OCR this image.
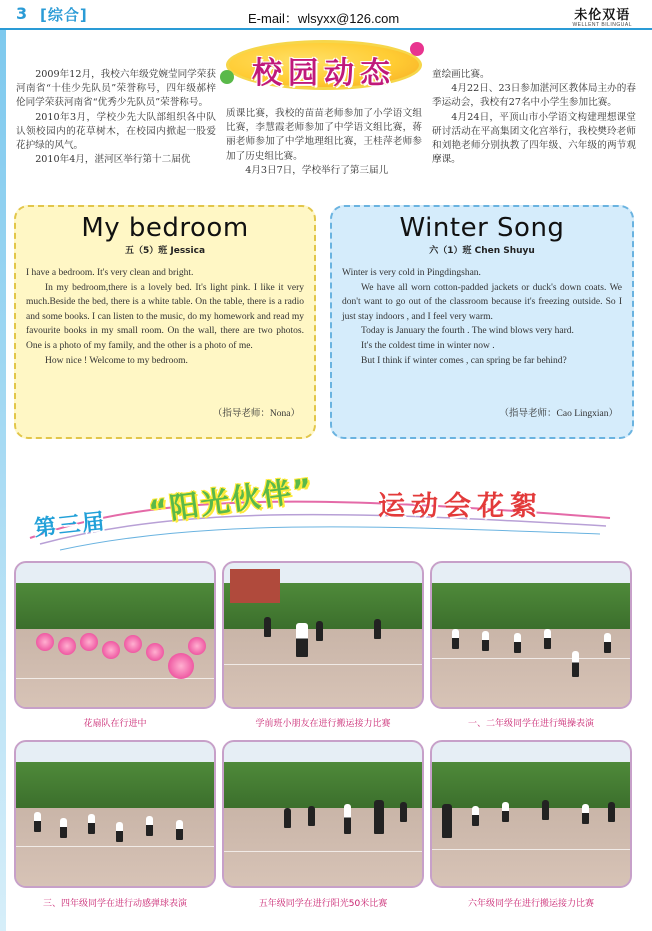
3 [综合]	E-mail：wlsyxx@126.com	未伦双语
WELLENT BILINGUAL
校园动态

2009年12月，我校六年级党婉莹同学荣获河南省“十佳少先队员”荣誉称号，四年级郝梓伦同学荣获河南省“优秀少先队员”荣誉称号。

2010年3月，学校少先大队部组织各中队认领校园内的花草树木，在校园内掀起一股爱花护绿的风气。

2010年4月，湛河区举行第十二届优

质课比赛，我校的苗苗老师参加了小学语文组比赛，李慧霞老师参加了中学语文组比赛，蒋丽老师参加了中学地理组比赛，王桂萍老师参加了历史组比赛。

4月3日7日，学校举行了第三届儿

童绘画比赛。

4月22日、23日参加湛河区教体局主办的春季运动会，我校有27名中小学生参加比赛。

4月24日，平顶山市小学语文构建理想课堂研讨活动在平高集团文化宫举行，我校樊玲老师和刘艳老师分别执教了四年级、六年级的两节观摩课。

My bedroom
五（5）班 Jessica

I have a bedroom. It's very clean and bright.

In my bedroom,there is a lovely bed. It's light pink. I like it very much.Beside the bed, there is a white table. On the table, there is a radio and some books. I can listen to the music, do my homework and read my favourite books in my small room. On the wall, there are two photos. One is a photo of my family, and the other is a photo of me.

How nice ! Welcome to my bedroom.

（指导老师：Nona）
Winter Song
六（1）班 Chen Shuyu

Winter is very cold in Pingdingshan.

We have all worn cotton-padded jackets or duck's down coats. We don't want to go out of the classroom because it's freezing outside. So I just stay indoors , and I feel very warm.

Today is January the fourth . The wind blows very hard.

It's the coldest time in winter now .

But I think if winter comes , can spring be far behind?

（指导老师：Cao Lingxian）
第三届 “阳光伙伴” 运动会花絮
花扇队在行进中	学前班小朋友在进行搬运接力比赛	一、二年级同学在进行绳操表演
三、四年级同学在进行动感弹球表演	五年级同学在进行阳光50米比赛	六年级同学在进行搬运接力比赛
